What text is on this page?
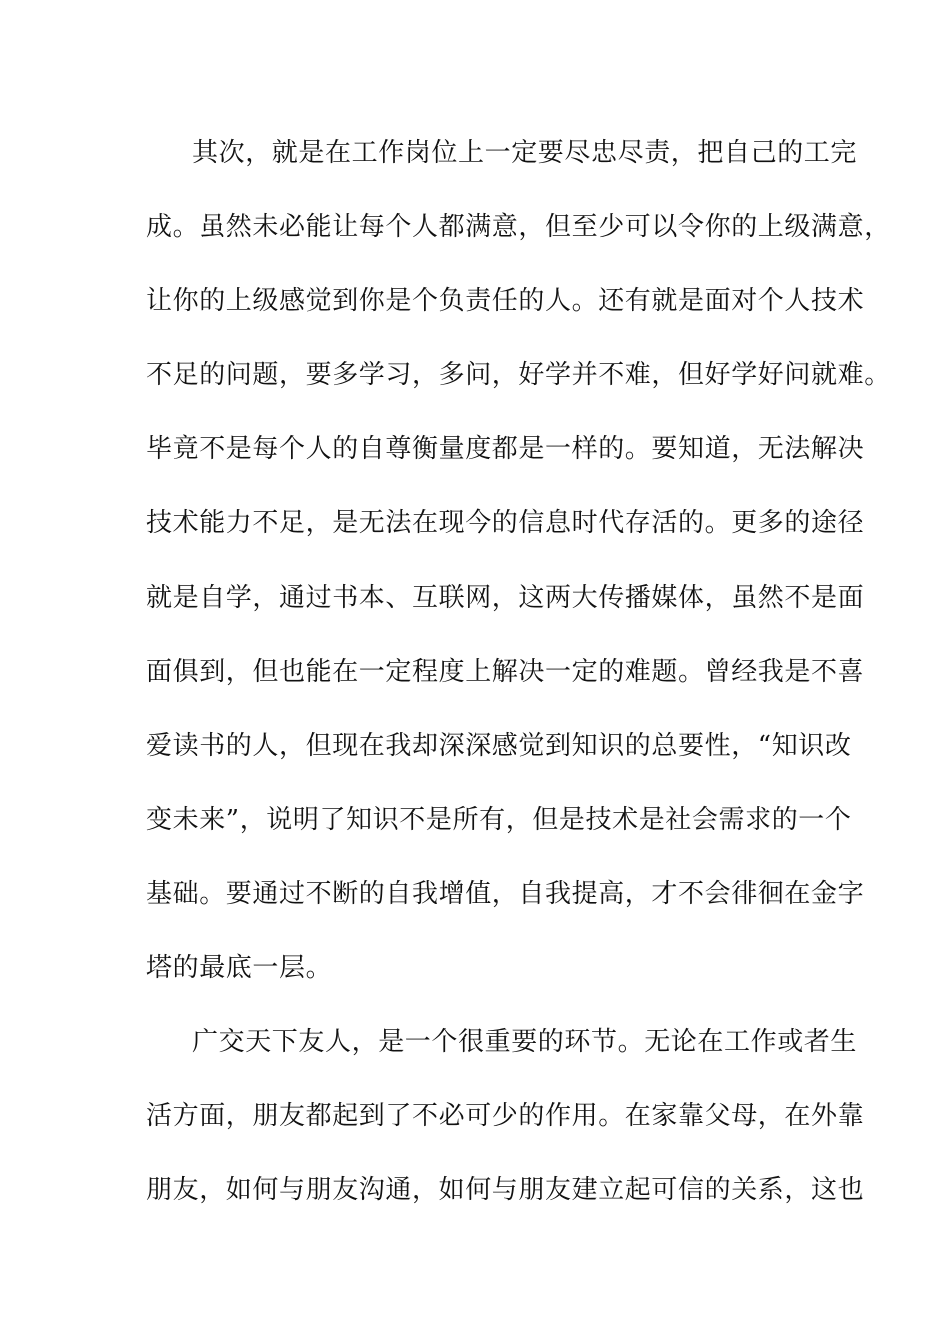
其次，就是在工作岗位上一定要尽忠尽责，把自己的工完
成。虽然未必能让每个人都满意，但至少可以令你的上级满意，
让你的上级感觉到你是个负责任的人。还有就是面对个人技术
不足的问题，要多学习，多问，好学并不难，但好学好问就难。
毕竟不是每个人的自尊衡量度都是一样的。要知道，无法解决
技术能力不足，是无法在现今的信息时代存活的。更多的途径
就是自学，通过书本、互联网，这两大传播媒体，虽然不是面
面俱到，但也能在一定程度上解决一定的难题。曾经我是不喜
爱读书的人，但现在我却深深感觉到知识的总要性，“知识改
变未来”，说明了知识不是所有，但是技术是社会需求的一个
基础。要通过不断的自我增值，自我提高，才不会徘徊在金字
塔的最底一层。
广交天下友人，是一个很重要的环节。无论在工作或者生
活方面，朋友都起到了不必可少的作用。在家靠父母，在外靠
朋友，如何与朋友沟通，如何与朋友建立起可信的关系，这也
